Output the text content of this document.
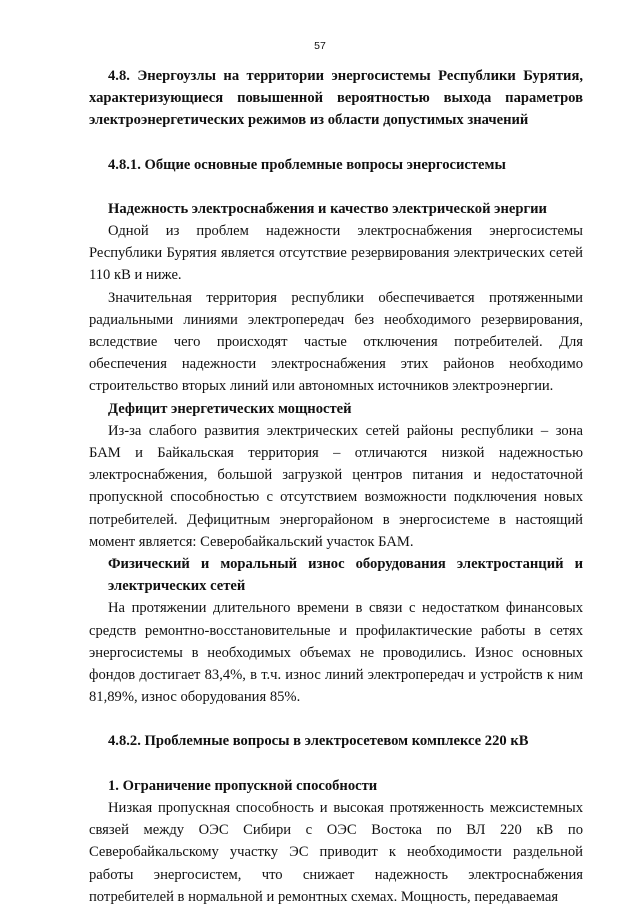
57

4.8. Энергоузлы на территории энергосистемы Республики Бурятия, характеризующиеся повышенной вероятностью выхода параметров электроэнергетических режимов из области допустимых значений

4.8.1. Общие основные проблемные вопросы энергосистемы
Надежность электроснабжения и качество электрической энергии

Одной из проблем надежности электроснабжения энергосистемы Республики Бурятия является отсутствие резервирования электрических сетей 110 кВ и ниже.

Значительная территория республики обеспечивается протяженными радиальными линиями электропередач без необходимого резервирования, вследствие чего происходят частые отключения потребителей. Для обеспечения надежности электроснабжения этих районов необходимо строительство вторых линий или автономных источников электроэнергии.

Дефицит энергетических мощностей

Из-за слабого развития электрических сетей районы республики – зона БАМ и Байкальская территория – отличаются низкой надежностью электроснабжения, большой загрузкой центров питания и недостаточной пропускной способностью с отсутствием возможности подключения новых потребителей. Дефицитным энергорайоном в энергосистеме в настоящий момент является: Северобайкальский участок БАМ.

Физический и моральный износ оборудования электростанций и электрических сетей

На протяжении длительного времени в связи с недостатком финансовых средств ремонтно-восстановительные и профилактические работы в сетях энергосистемы в необходимых объемах не проводились. Износ основных фондов достигает 83,4%, в т.ч. износ линий электропередач и устройств к ним 81,89%, износ оборудования 85%.

4.8.2. Проблемные вопросы в электросетевом комплексе 220 кВ
1. Ограничение пропускной способности

Низкая пропускная способность и высокая протяженность межсистемных связей между ОЭС Сибири с ОЭС Востока по ВЛ 220 кВ по Северобайкальскому участку ЭС приводит к необходимости раздельной работы энергосистем, что снижает надежность электроснабжения потребителей в нормальной и ремонтных схемах. Мощность, передаваемая
